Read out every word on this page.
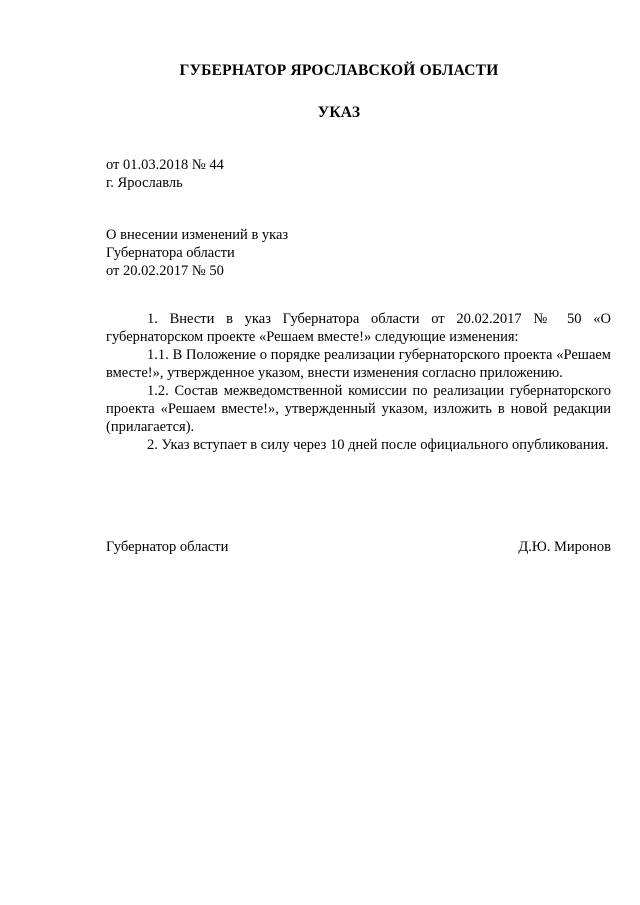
ГУБЕРНАТОР ЯРОСЛАВСКОЙ ОБЛАСТИ
УКАЗ

от 01.03.2018 № 44

г. Ярославль

О внесении изменений в указ

Губернатора области

от 20.02.2017 № 50

1. Внести в указ Губернатора области от 20.02.2017 № 50 «О губернаторском проекте «Решаем вместе!» следующие изменения:

1.1. В Положение о порядке реализации губернаторского проекта «Решаем вместе!», утвержденное указом, внести изменения согласно приложению.

1.2. Состав межведомственной комиссии по реализации губернаторского проекта «Решаем вместе!», утвержденный указом, изложить в новой редакции (прилагается).

2. Указ вступает в силу через 10 дней после официального опубликования.

Губернатор области	Д.Ю. Миронов
